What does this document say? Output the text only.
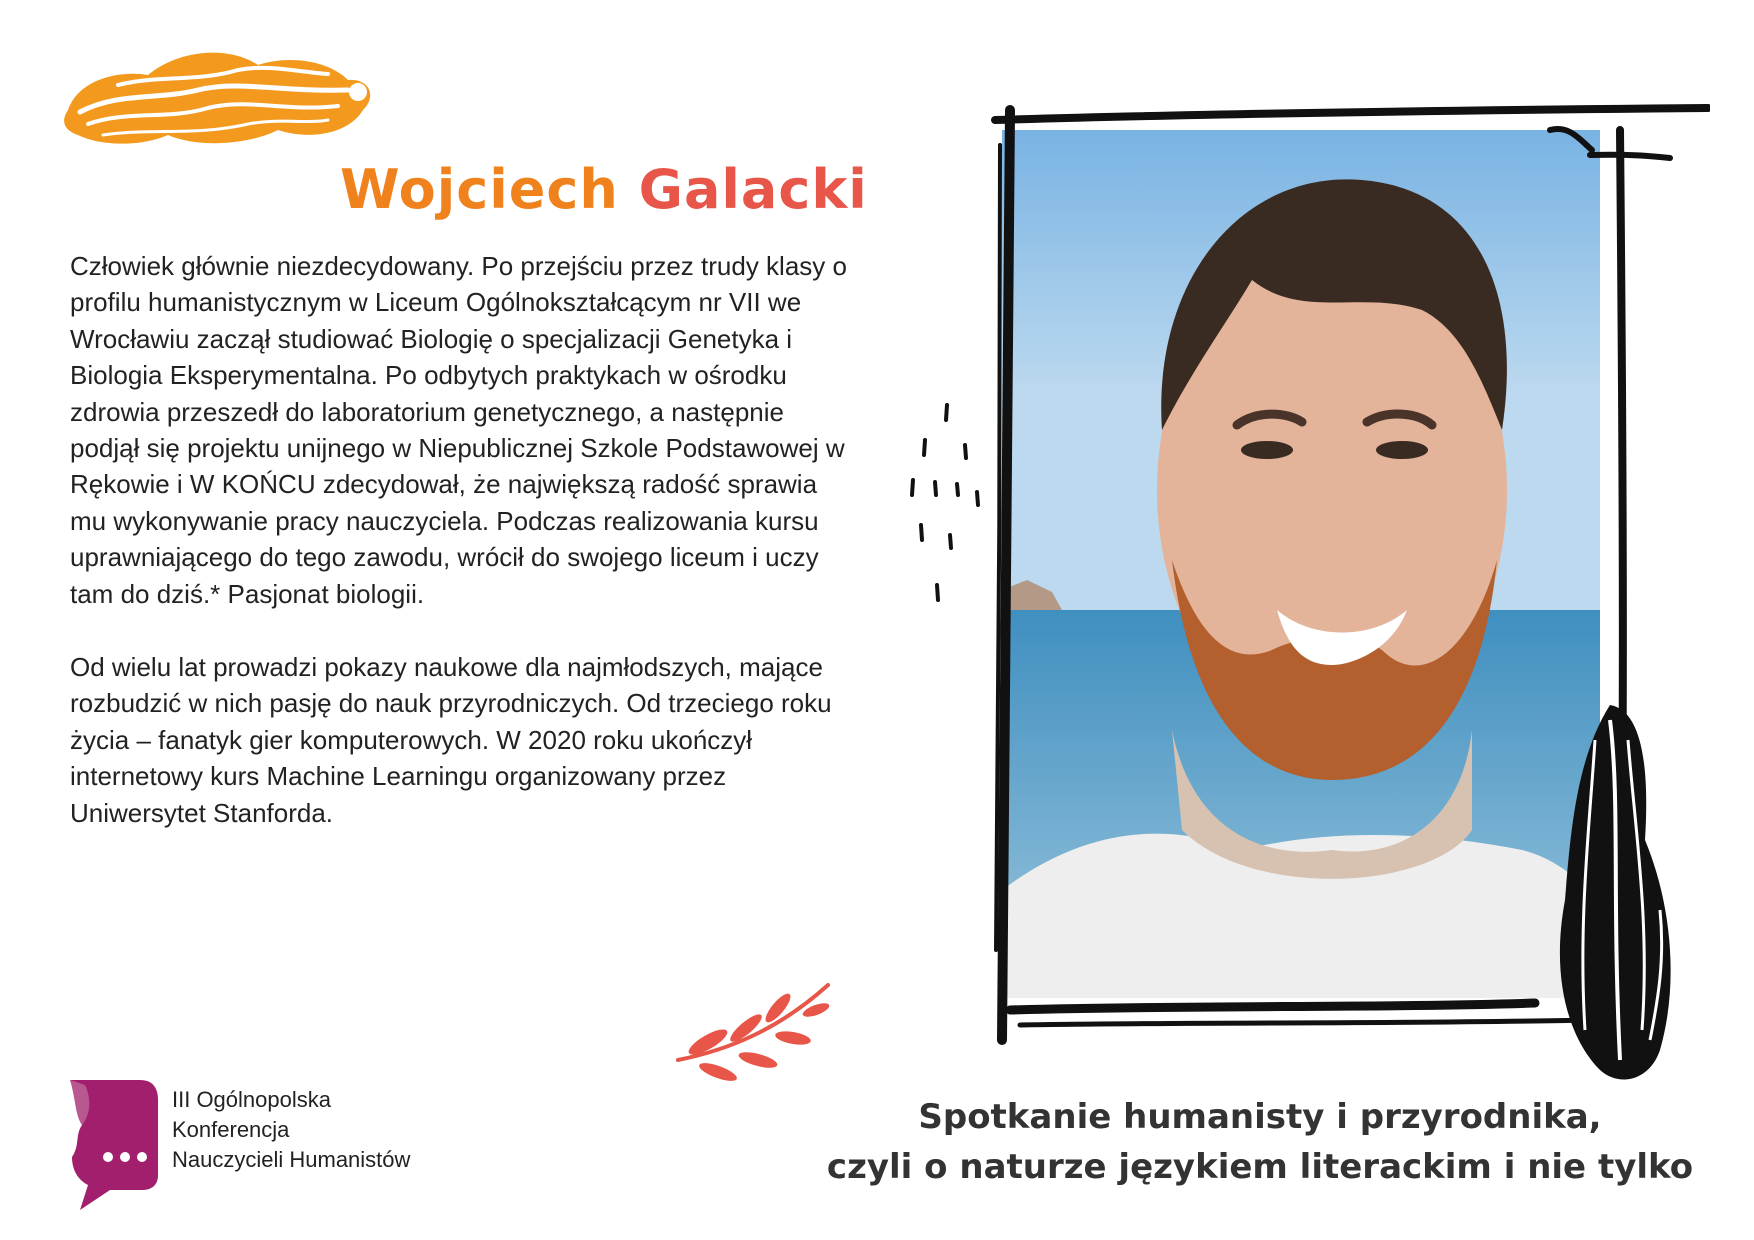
Wojciech Galacki

Człowiek głównie niezdecydowany. Po przejściu przez trudy klasy o profilu humanistycznym w Liceum Ogólnokształcącym nr VII we Wrocławiu zaczął studiować Biologię o specjalizacji Genetyka i Biologia Eksperymentalna. Po odbytych praktykach w ośrodku zdrowia przeszedł do laboratorium genetycznego, a następnie podjął się projektu unijnego w Niepublicznej Szkole Podstawowej w Rękowie i W KOŃCU zdecydował, że największą radość sprawia mu wykonywanie pracy nauczyciela. Podczas realizowania kursu uprawniającego do tego zawodu, wrócił do swojego liceum i uczy tam do dziś.* Pasjonat biologii.

Od wielu lat prowadzi pokazy naukowe dla najmłodszych, mające rozbudzić w nich pasję do nauk przyrodniczych. Od trzeciego roku życia – fanatyk gier komputerowych. W 2020 roku ukończył internetowy kurs Machine Learningu organizowany przez Uniwersytet Stanforda.

III Ogólnopolska
Konferencja
Nauczycieli Humanistów
Spotkanie humanisty i przyrodnika,
czyli o naturze językiem literackim i nie tylko
